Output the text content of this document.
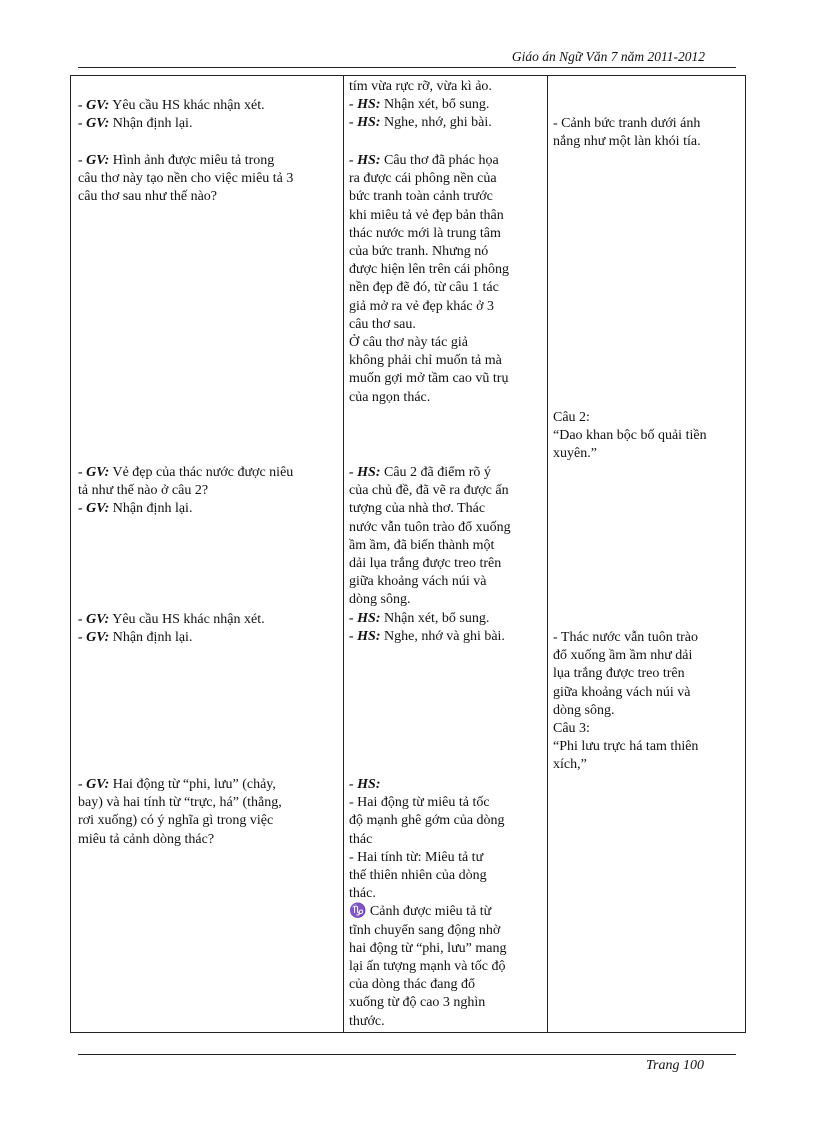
Giáo án Ngữ Văn 7 năm 2011-2012

- GV: Yêu cầu HS khác nhận xét.

- GV: Nhận định lại.

- GV: Hình ảnh được miêu tả trong

câu thơ này tạo nền cho việc miêu tả 3

câu thơ sau như thế nào?

- GV: Vẻ đẹp của thác nước được niêu

tả như thế nào ở câu 2?

- GV: Nhận định lại.

- GV: Yêu cầu HS khác nhận xét.

- GV: Nhận định lại.

- GV: Hai động từ “phi, lưu” (chảy,

bay) và hai tính từ “trực, há” (thẳng,

rơi xuống) có ý nghĩa gì trong việc

miêu tả cảnh dòng thác?

tím vừa rực rỡ, vừa kì ảo.

- HS: Nhận xét, bổ sung.

- HS: Nghe, nhớ, ghi bài.

- HS: Câu thơ đã phác họa

ra được cái phông nền của

bức tranh toàn cảnh trước

khi miêu tả vẻ đẹp bản thân

thác nước mới là trung tâm

của bức tranh. Nhưng nó

được hiện lên trên cái phông

nền đẹp đẽ đó, từ câu 1 tác

giả mở ra vẻ đẹp khác ở 3

câu thơ sau.

Ở câu thơ này tác giả

không phải chỉ muốn tả mà

muốn gợi mở tầm cao vũ trụ

của ngọn thác.

- HS: Câu 2 đã điểm rõ ý

của chủ đề, đã vẽ ra được ấn

tượng của nhà thơ. Thác

nước vẫn tuôn trào đổ xuống

ầm ầm, đã biến thành một

dải lụa trắng được treo trên

giữa khoảng vách núi và

dòng sông.

- HS: Nhận xét, bổ sung.

- HS: Nghe, nhớ và ghi bài.

- HS:

- Hai động từ miêu tả tốc

độ mạnh ghê gớm của dòng

thác

- Hai tính từ: Miêu tả tư

thế thiên nhiên của dòng

thác.

♑ Cảnh được miêu tả từ

tĩnh chuyển sang động nhờ

hai động từ “phi, lưu” mang

lại ấn tượng mạnh và tốc độ

của dòng thác đang đổ

xuống từ độ cao 3 nghìn

thước.

- Cảnh bức tranh dưới ánh

nắng như một làn khói tía.

Câu 2:

“Dao khan bộc bố quải tiền

xuyên.”

- Thác nước vẫn tuôn trào

đổ xuống ầm ầm như dải

lụa trắng được treo trên

giữa khoảng vách núi và

dòng sông.

Câu 3:

“Phi lưu trực há tam thiên

xích,”

Trang 100
